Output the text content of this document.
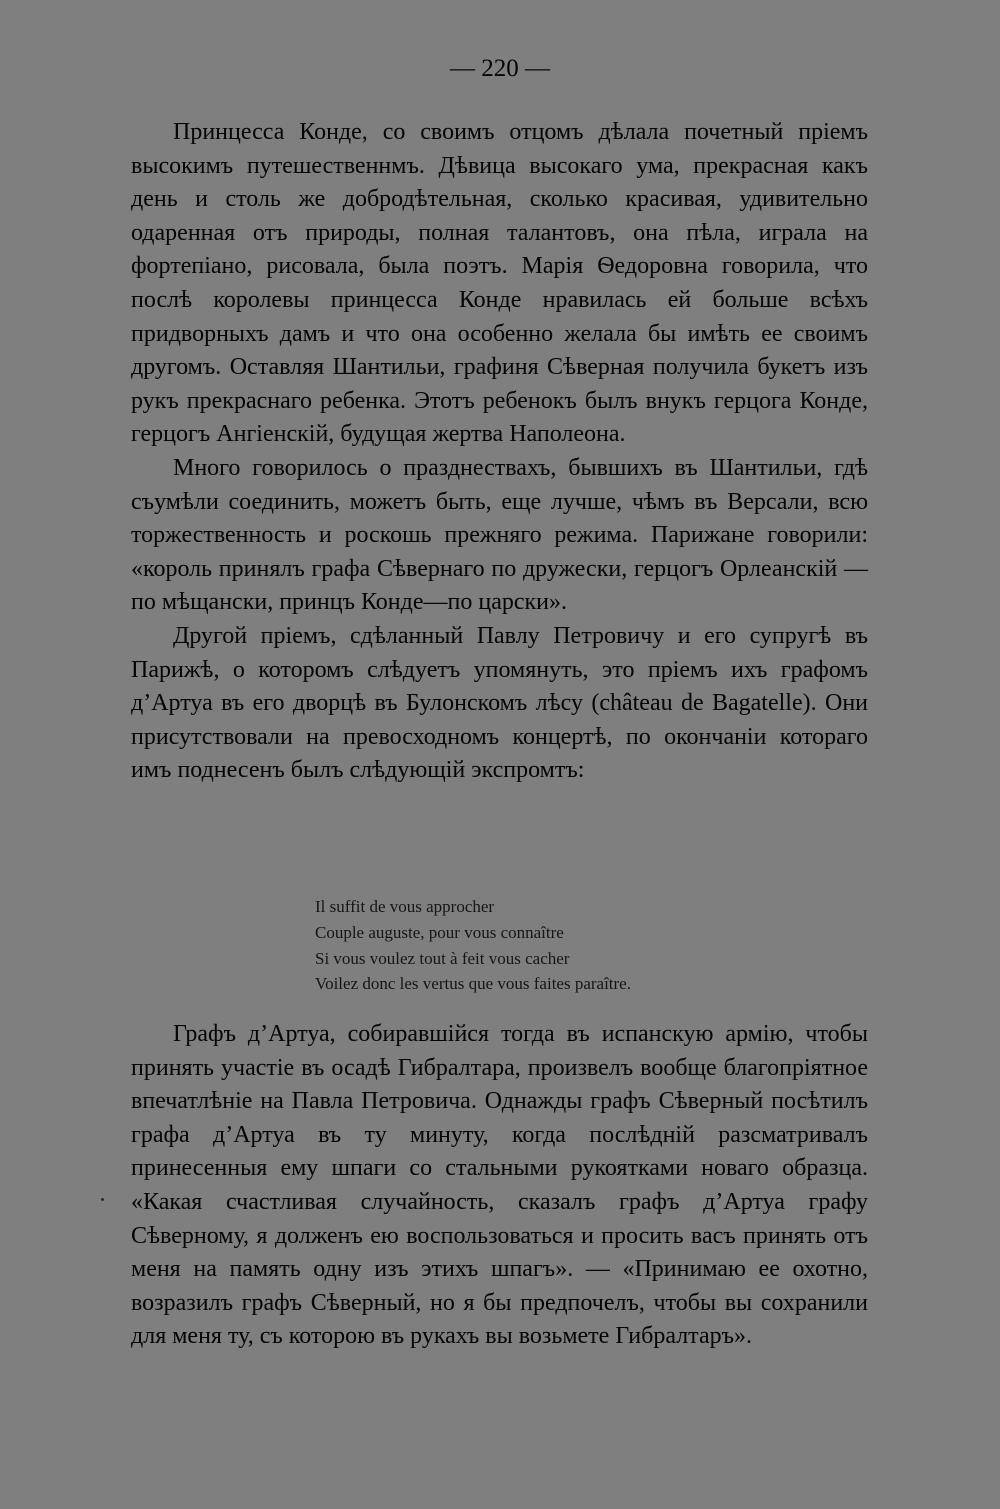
— 220 —

Принцесса Конде, со своимъ отцомъ дѣлала почетный пріемъ высокимъ путешественнмъ. Дѣвица высокаго ума, прекрасная какъ день и столь же добродѣтельная, сколько красивая, удивительно одаренная отъ природы, полная талантовъ, она пѣла, играла на фортепіано, рисовала, была поэтъ. Марія Ѳедоровна говорила, что послѣ королевы принцесса Конде нравилась ей больше всѣхъ придворныхъ дамъ и что она особенно желала бы имѣть ее своимъ другомъ. Оставляя Шантильи, графиня Сѣверная получила букетъ изъ рукъ прекраснаго ребенка. Этотъ ребенокъ былъ внукъ герцога Конде, герцогъ Ангіенскій, будущая жертва Наполеона.

Много говорилось о празднествахъ, бывшихъ въ Шантильи, гдѣ съумѣли соединить, можетъ быть, еще лучше, чѣмъ въ Версали, всю торжественность и роскошь прежняго режима. Парижане говорили: «король принялъ графа Сѣвернаго по дружески, герцогъ Орлеанскій — по мѣщански, принцъ Конде—по царски».

Другой пріемъ, сдѣланный Павлу Петровичу и его супругѣ въ Парижѣ, о которомъ слѣдуетъ упомянуть, это пріемъ ихъ графомъ д’Артуа въ его дворцѣ въ Булонскомъ лѣсу (château de Bagatelle). Они присутствовали на превосходномъ концертѣ, по окончаніи котораго имъ поднесенъ былъ слѣдующій экспромтъ:

Il suffit de vous approcher
Couple auguste, pour vous connaître
Si vous voulez tout à feit vous cacher
Voilez donc les vertus que vous faites paraître.

Графъ д’Артуа, собиравшійся тогда въ испанскую армію, чтобы принять участіе въ осадѣ Гибралтара, произвелъ вообще благопріятное впечатлѣніе на Павла Петровича. Однажды графъ Сѣверный посѣтилъ графа д’Артуа въ ту минуту, когда послѣдній разсматривалъ принесенныя ему шпаги со стальными рукоятками новаго образца. «Какая счастливая случайность, сказалъ графъ д’Артуа графу Сѣверному, я долженъ ею воспользоваться и просить васъ принять отъ меня на память одну изъ этихъ шпагъ». — «Принимаю ее охотно, возразилъ графъ Сѣверный, но я бы предпочелъ, чтобы вы сохранили для меня ту, съ которою въ рукахъ вы возьмете Гибралтаръ».
